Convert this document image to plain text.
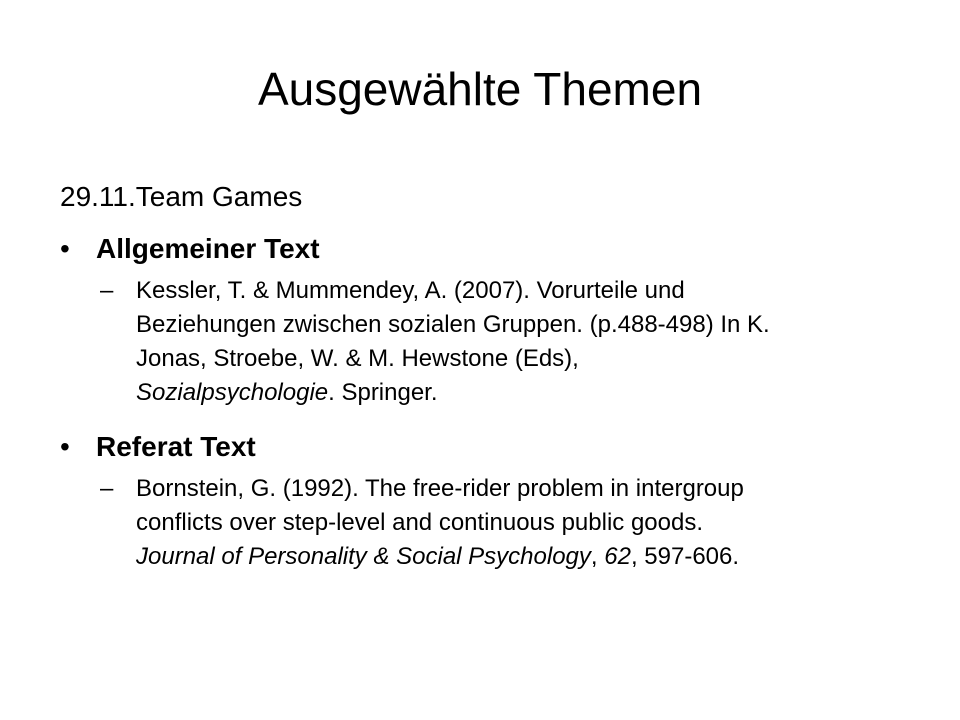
Ausgewählte Themen
29.11.Team Games
• Allgemeiner Text
– Kessler, T. & Mummendey, A. (2007). Vorurteile und

Beziehungen zwischen sozialen Gruppen. (p.488-498) In K.

Jonas, Stroebe, W. & M. Hewstone (Eds),

Sozialpsychologie. Springer.

• Referat Text
– Bornstein, G. (1992). The free-rider problem in intergroup

conflicts over step-level and continuous public goods.

Journal of Personality & Social Psychology, 62, 597-606.
